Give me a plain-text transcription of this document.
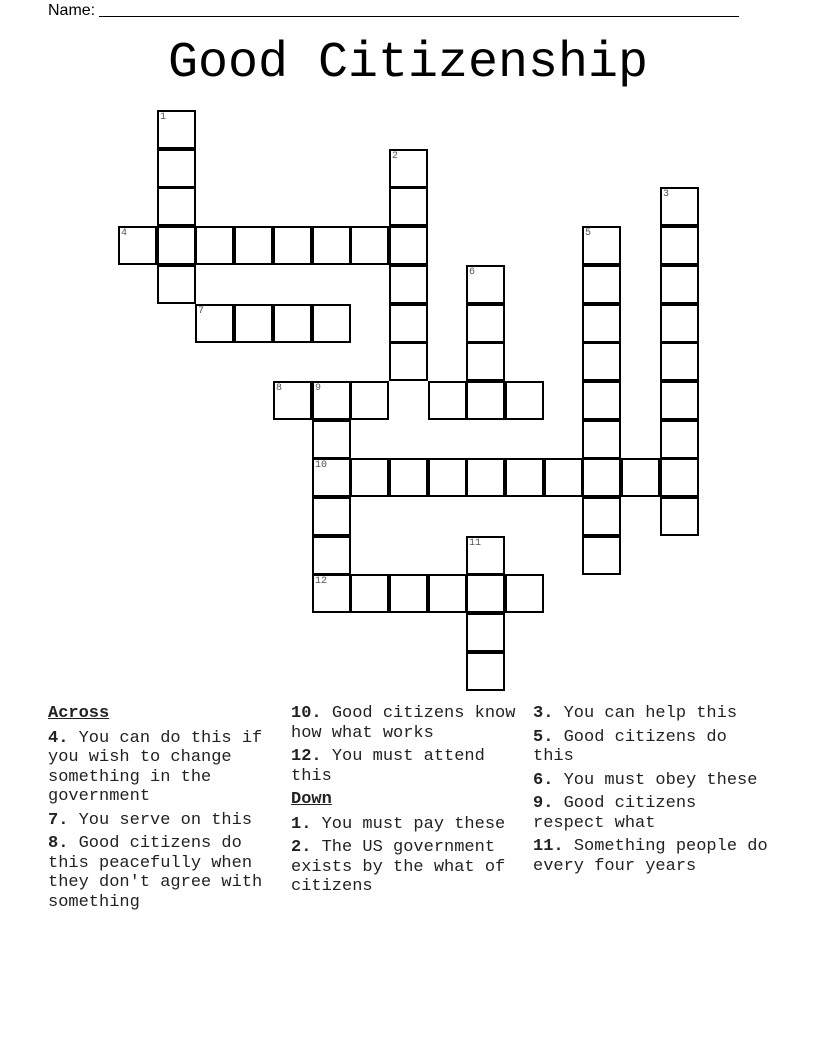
Name:
Good Citizenship
1
2
3
4	5
6
7
8	9
10
11
12
Across
4. You can do this if you wish to change something in the government
7. You serve on this
8. Good citizens do this peacefully when they don't agree with something
10. Good citizens know how what works
12. You must attend this
Down
1. You must pay these
2. The US government exists by the what of citizens
3. You can help this
5. Good citizens do this
6. You must obey these
9. Good citizens respect what
11. Something people do every four years
